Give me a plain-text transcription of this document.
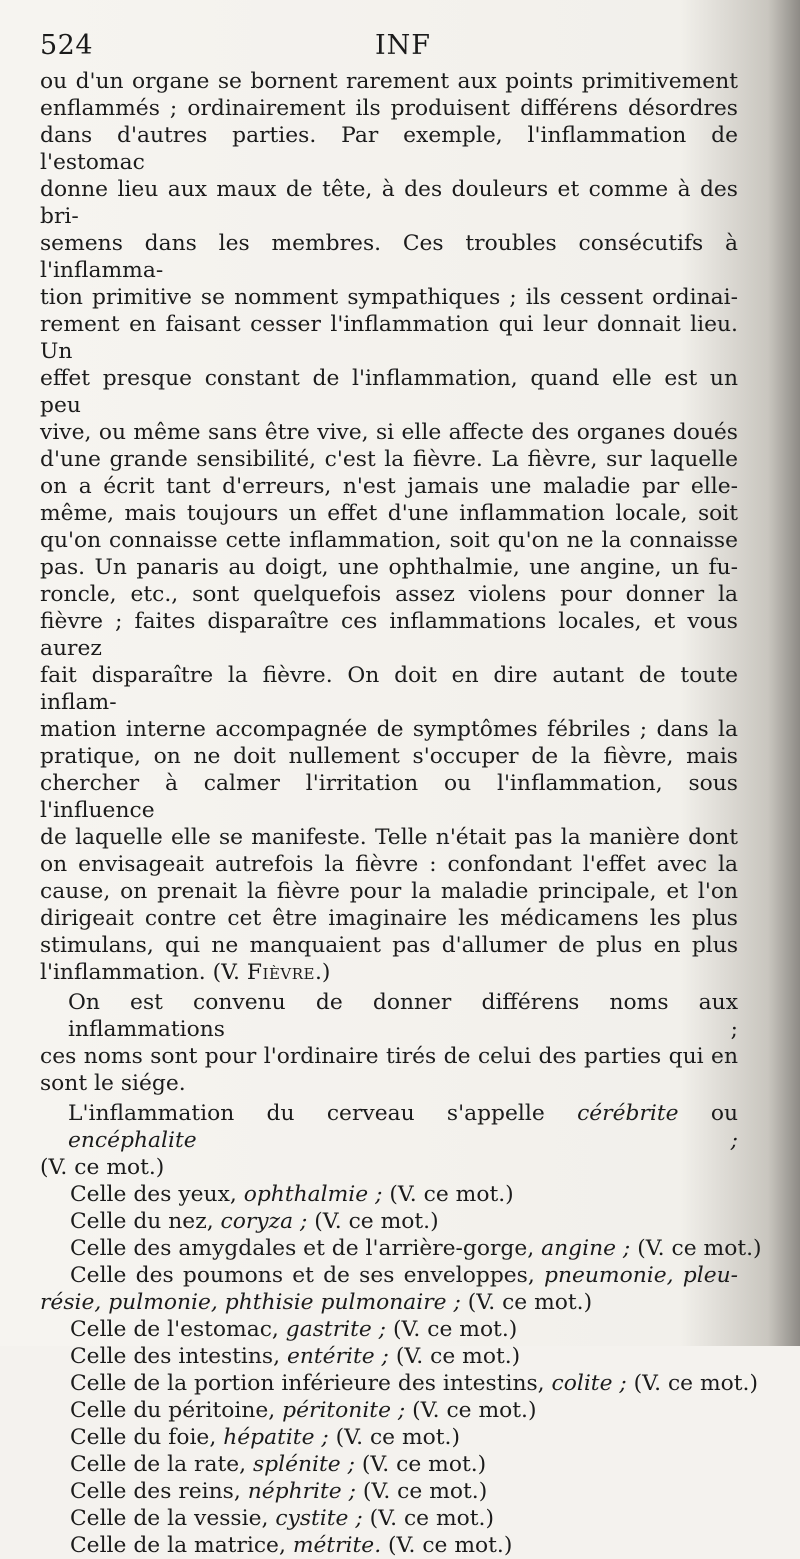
524	INF
ou d'un organe se bornent rarement aux points primitivement
enflammés ; ordinairement ils produisent différens désordres
dans d'autres parties. Par exemple, l'inflammation de l'estomac
donne lieu aux maux de tête, à des douleurs et comme à des bri-
semens dans les membres. Ces troubles consécutifs à l'inflamma-
tion primitive se nomment sympathiques ; ils cessent ordinai-
rement en faisant cesser l'inflammation qui leur donnait lieu. Un
effet presque constant de l'inflammation, quand elle est un peu
vive, ou même sans être vive, si elle affecte des organes doués
d'une grande sensibilité, c'est la fièvre. La fièvre, sur laquelle
on a écrit tant d'erreurs, n'est jamais une maladie par elle-
même, mais toujours un effet d'une inflammation locale, soit
qu'on connaisse cette inflammation, soit qu'on ne la connaisse
pas. Un panaris au doigt, une ophthalmie, une angine, un fu-
roncle, etc., sont quelquefois assez violens pour donner la
fièvre ; faites disparaître ces inflammations locales, et vous aurez
fait disparaître la fièvre. On doit en dire autant de toute inflam-
mation interne accompagnée de symptômes fébriles ; dans la
pratique, on ne doit nullement s'occuper de la fièvre, mais
chercher à calmer l'irritation ou l'inflammation, sous l'influence
de laquelle elle se manifeste. Telle n'était pas la manière dont
on envisageait autrefois la fièvre : confondant l'effet avec la
cause, on prenait la fièvre pour la maladie principale, et l'on
dirigeait contre cet être imaginaire les médicamens les plus
stimulans, qui ne manquaient pas d'allumer de plus en plus
l'inflammation. (V. Fièvre.)
On est convenu de donner différens noms aux inflammations ;
ces noms sont pour l'ordinaire tirés de celui des parties qui en
sont le siége.
L'inflammation du cerveau s'appelle cérébrite ou encéphalite ;
(V. ce mot.)
Celle des yeux, ophthalmie ; (V. ce mot.)
Celle du nez, coryza ; (V. ce mot.)
Celle des amygdales et de l'arrière-gorge, angine ; (V. ce mot.)
Celle des poumons et de ses enveloppes, pneumonie, pleu-
résie, pulmonie, phthisie pulmonaire ; (V. ce mot.)
Celle de l'estomac, gastrite ; (V. ce mot.)
Celle des intestins, entérite ; (V. ce mot.)
Celle de la portion inférieure des intestins, colite ; (V. ce mot.)
Celle du péritoine, péritonite ; (V. ce mot.)
Celle du foie, hépatite ; (V. ce mot.)
Celle de la rate, splénite ; (V. ce mot.)
Celle des reins, néphrite ; (V. ce mot.)
Celle de la vessie, cystite ; (V. ce mot.)
Celle de la matrice, métrite. (V. ce mot.)
